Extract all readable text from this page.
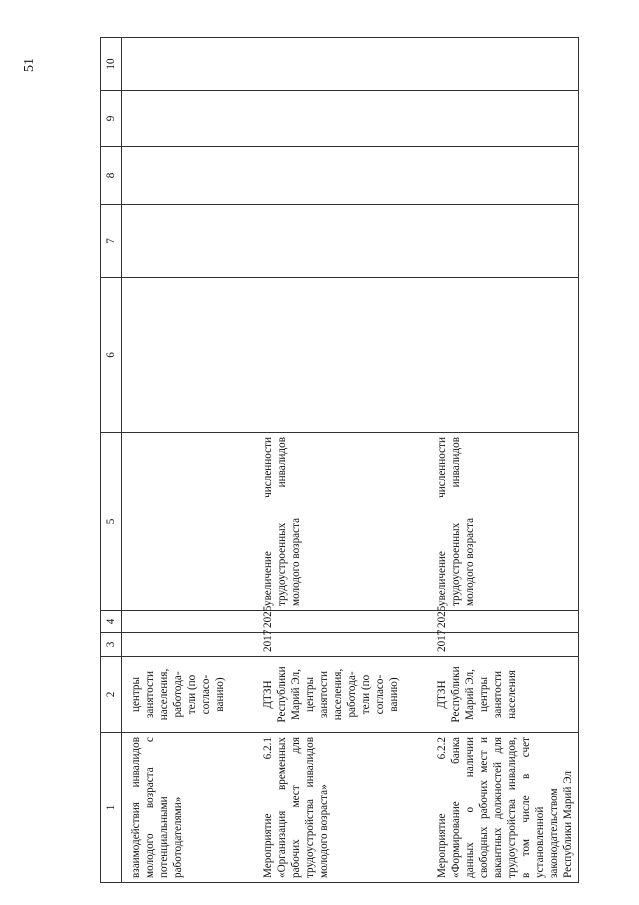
51
1	2	3	4	5	6	7	8	9	10
взаимодействия инвалидов молодого возраста с потенциальными работодателями»	центры занятости населения, работода-тели (по согласо-ванию)								

Мероприятие 6.2.1 «Организация временных рабочих мест для трудоустройства инвалидов молодого возраста»	ДТЗН Республики Марий Эл, центры занятости населения, работода-тели (по согласо-ванию)	2017	2025	увеличение численности трудоустроенных инвалидов молодого возраста					

Мероприятие 6.2.2 «Формирование банка данных о наличии свободных рабочих мест и вакантных должностей для трудоустройства инвалидов, в том числе в счет установленной законодательством Республики Марий Эл	ДТЗН Республики Марий Эл, центры занятости населения	2017	2025	увеличение численности трудоустроенных инвалидов молодого возраста					
